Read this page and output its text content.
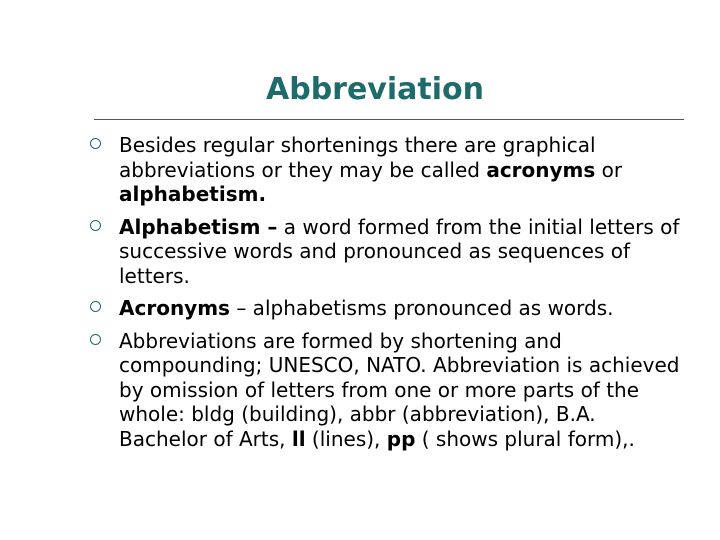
Abbreviation
Besides regular shortenings there are graphical abbreviations or they may be called acronyms or alphabetism.
Alphabetism – a word formed from the initial letters of successive words and pronounced as sequences of letters.
Acronyms – alphabetisms pronounced as words.
Abbreviations are formed by shortening and compounding; UNESCO, NATO. Abbreviation is achieved by omission of letters from one or more parts of the whole: bldg (building), abbr (abbreviation), B.A. Bachelor of Arts, ll (lines), pp ( shows plural form),.
